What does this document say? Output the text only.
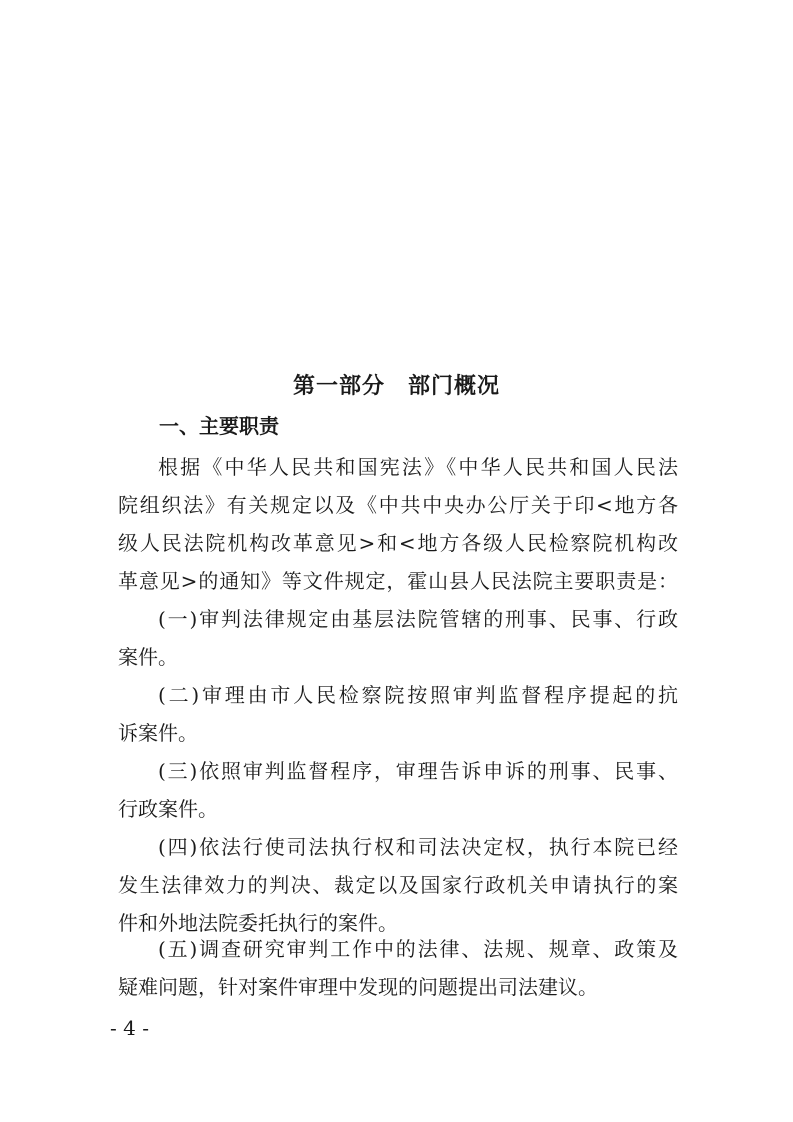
第一部分　部门概况
一、主要职责

根据《中华人民共和国宪法》《中华人民共和国人民法
院组织法》有关规定以及《中共中央办公厅关于印<地方各
级人民法院机构改革意见>和<地方各级人民检察院机构改
革意见>的通知》等文件规定，霍山县人民法院主要职责是：

(一)审判法律规定由基层法院管辖的刑事、民事、行政
案件。

(二)审理由市人民检察院按照审判监督程序提起的抗
诉案件。

(三)依照审判监督程序，审理告诉申诉的刑事、民事、
行政案件。

(四)依法行使司法执行权和司法决定权，执行本院已经
发生法律效力的判决、裁定以及国家行政机关申请执行的案
件和外地法院委托执行的案件。

(五)调查研究审判工作中的法律、法规、规章、政策及
疑难问题，针对案件审理中发现的问题提出司法建议。

- 4 -
